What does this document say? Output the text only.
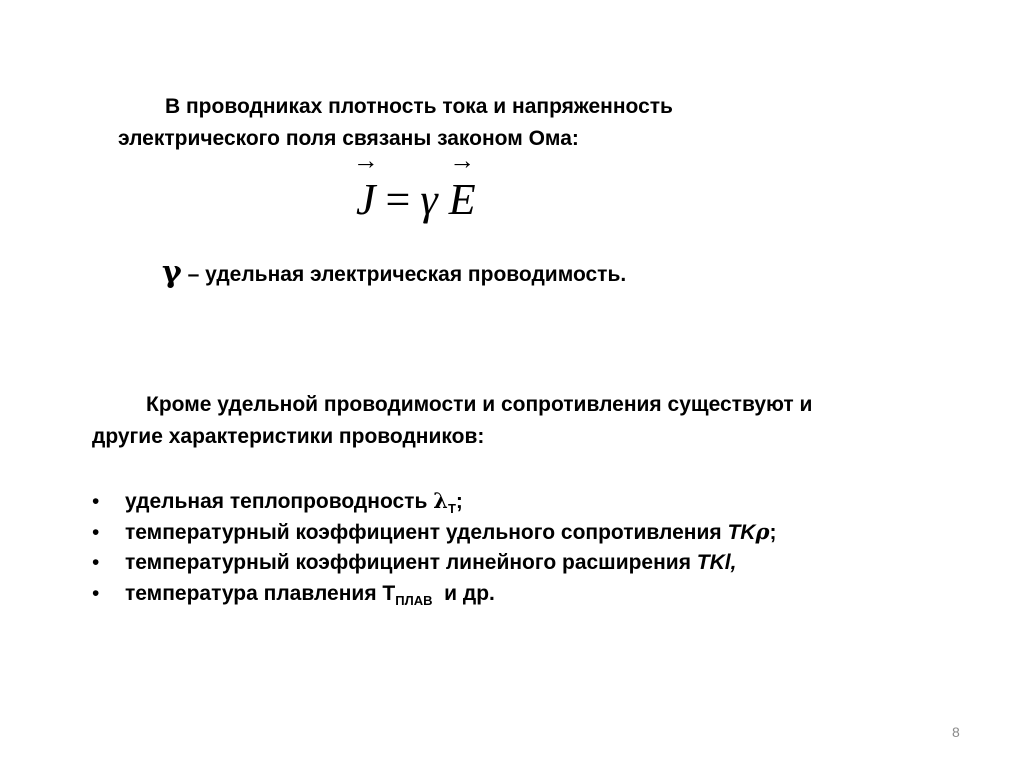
В проводниках плотность тока и напряженность
электрического поля связаны законом Ома:
→
J = γ
→
E
γ – удельная электрическая проводимость.
Кроме удельной проводимости и сопротивления существуют и
другие характеристики проводников:
• удельная теплопроводность $\lambda_T$;
• температурный коэффициент удельного сопротивления TKρ;
• температурный коэффициент линейного расширения TKl,
• температура плавления $Т_{ПЛАВ}$  и др.
8
